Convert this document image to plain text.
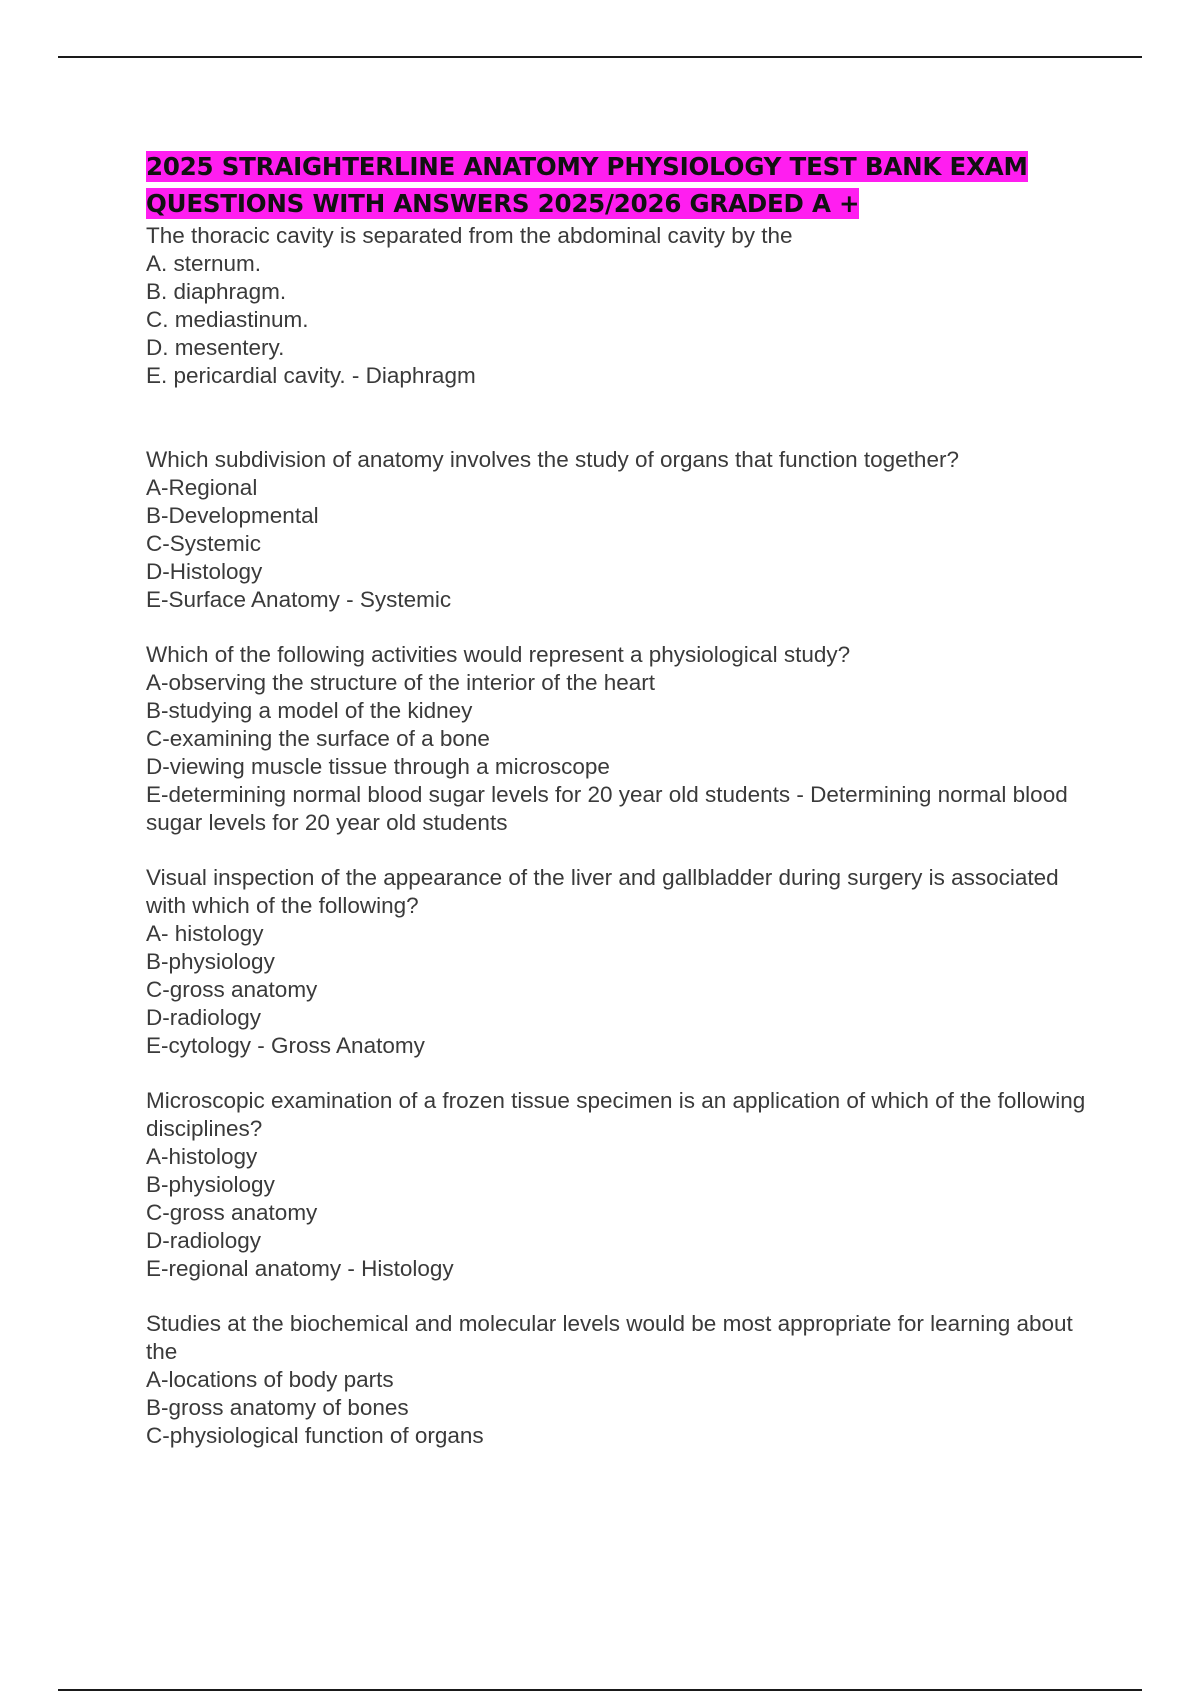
2025 STRAIGHTERLINE ANATOMY PHYSIOLOGY TEST BANK EXAM QUESTIONS WITH ANSWERS 2025/2026 GRADED A +
The thoracic cavity is separated from the abdominal cavity by the
A. sternum.
B. diaphragm.
C. mediastinum.
D. mesentery.
E. pericardial cavity. - Diaphragm
Which subdivision of anatomy involves the study of organs that function together?
A-Regional
B-Developmental
C-Systemic
D-Histology
E-Surface Anatomy - Systemic
Which of the following activities would represent a physiological study?
A-observing the structure of the interior of the heart
B-studying a model of the kidney
C-examining the surface of a bone
D-viewing muscle tissue through a microscope
E-determining normal blood sugar levels for 20 year old students - Determining normal blood sugar levels for 20 year old students
Visual inspection of the appearance of the liver and gallbladder during surgery is associated with which of the following?
A- histology
B-physiology
C-gross anatomy
D-radiology
E-cytology - Gross Anatomy
Microscopic examination of a frozen tissue specimen is an application of which of the following disciplines?
A-histology
B-physiology
C-gross anatomy
D-radiology
E-regional anatomy - Histology
Studies at the biochemical and molecular levels would be most appropriate for learning about the
A-locations of body parts
B-gross anatomy of bones
C-physiological function of organs
